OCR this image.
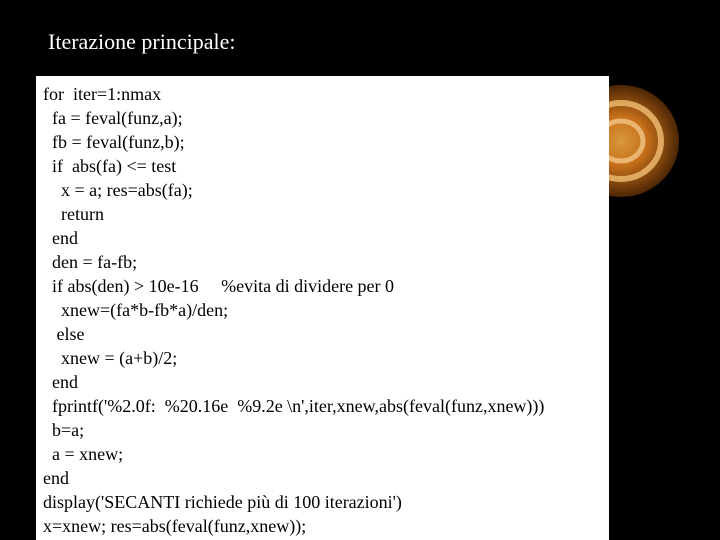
Iterazione principale:
for  iter=1:nmax
fa = feval(funz,a);
fb = feval(funz,b);
if  abs(fa) <= test
x = a; res=abs(fa);
return
end
den = fa-fb;
if abs(den) > 10e-16     %evita di dividere per 0
xnew=(fa*b-fb*a)/den;
else
xnew = (a+b)/2;
end
fprintf('%2.0f:  %20.16e  %9.2e \n',iter,xnew,abs(feval(funz,xnew)))
b=a;
a = xnew;
end
display('SECANTI richiede più di 100 iterazioni')
x=xnew; res=abs(feval(funz,xnew));
